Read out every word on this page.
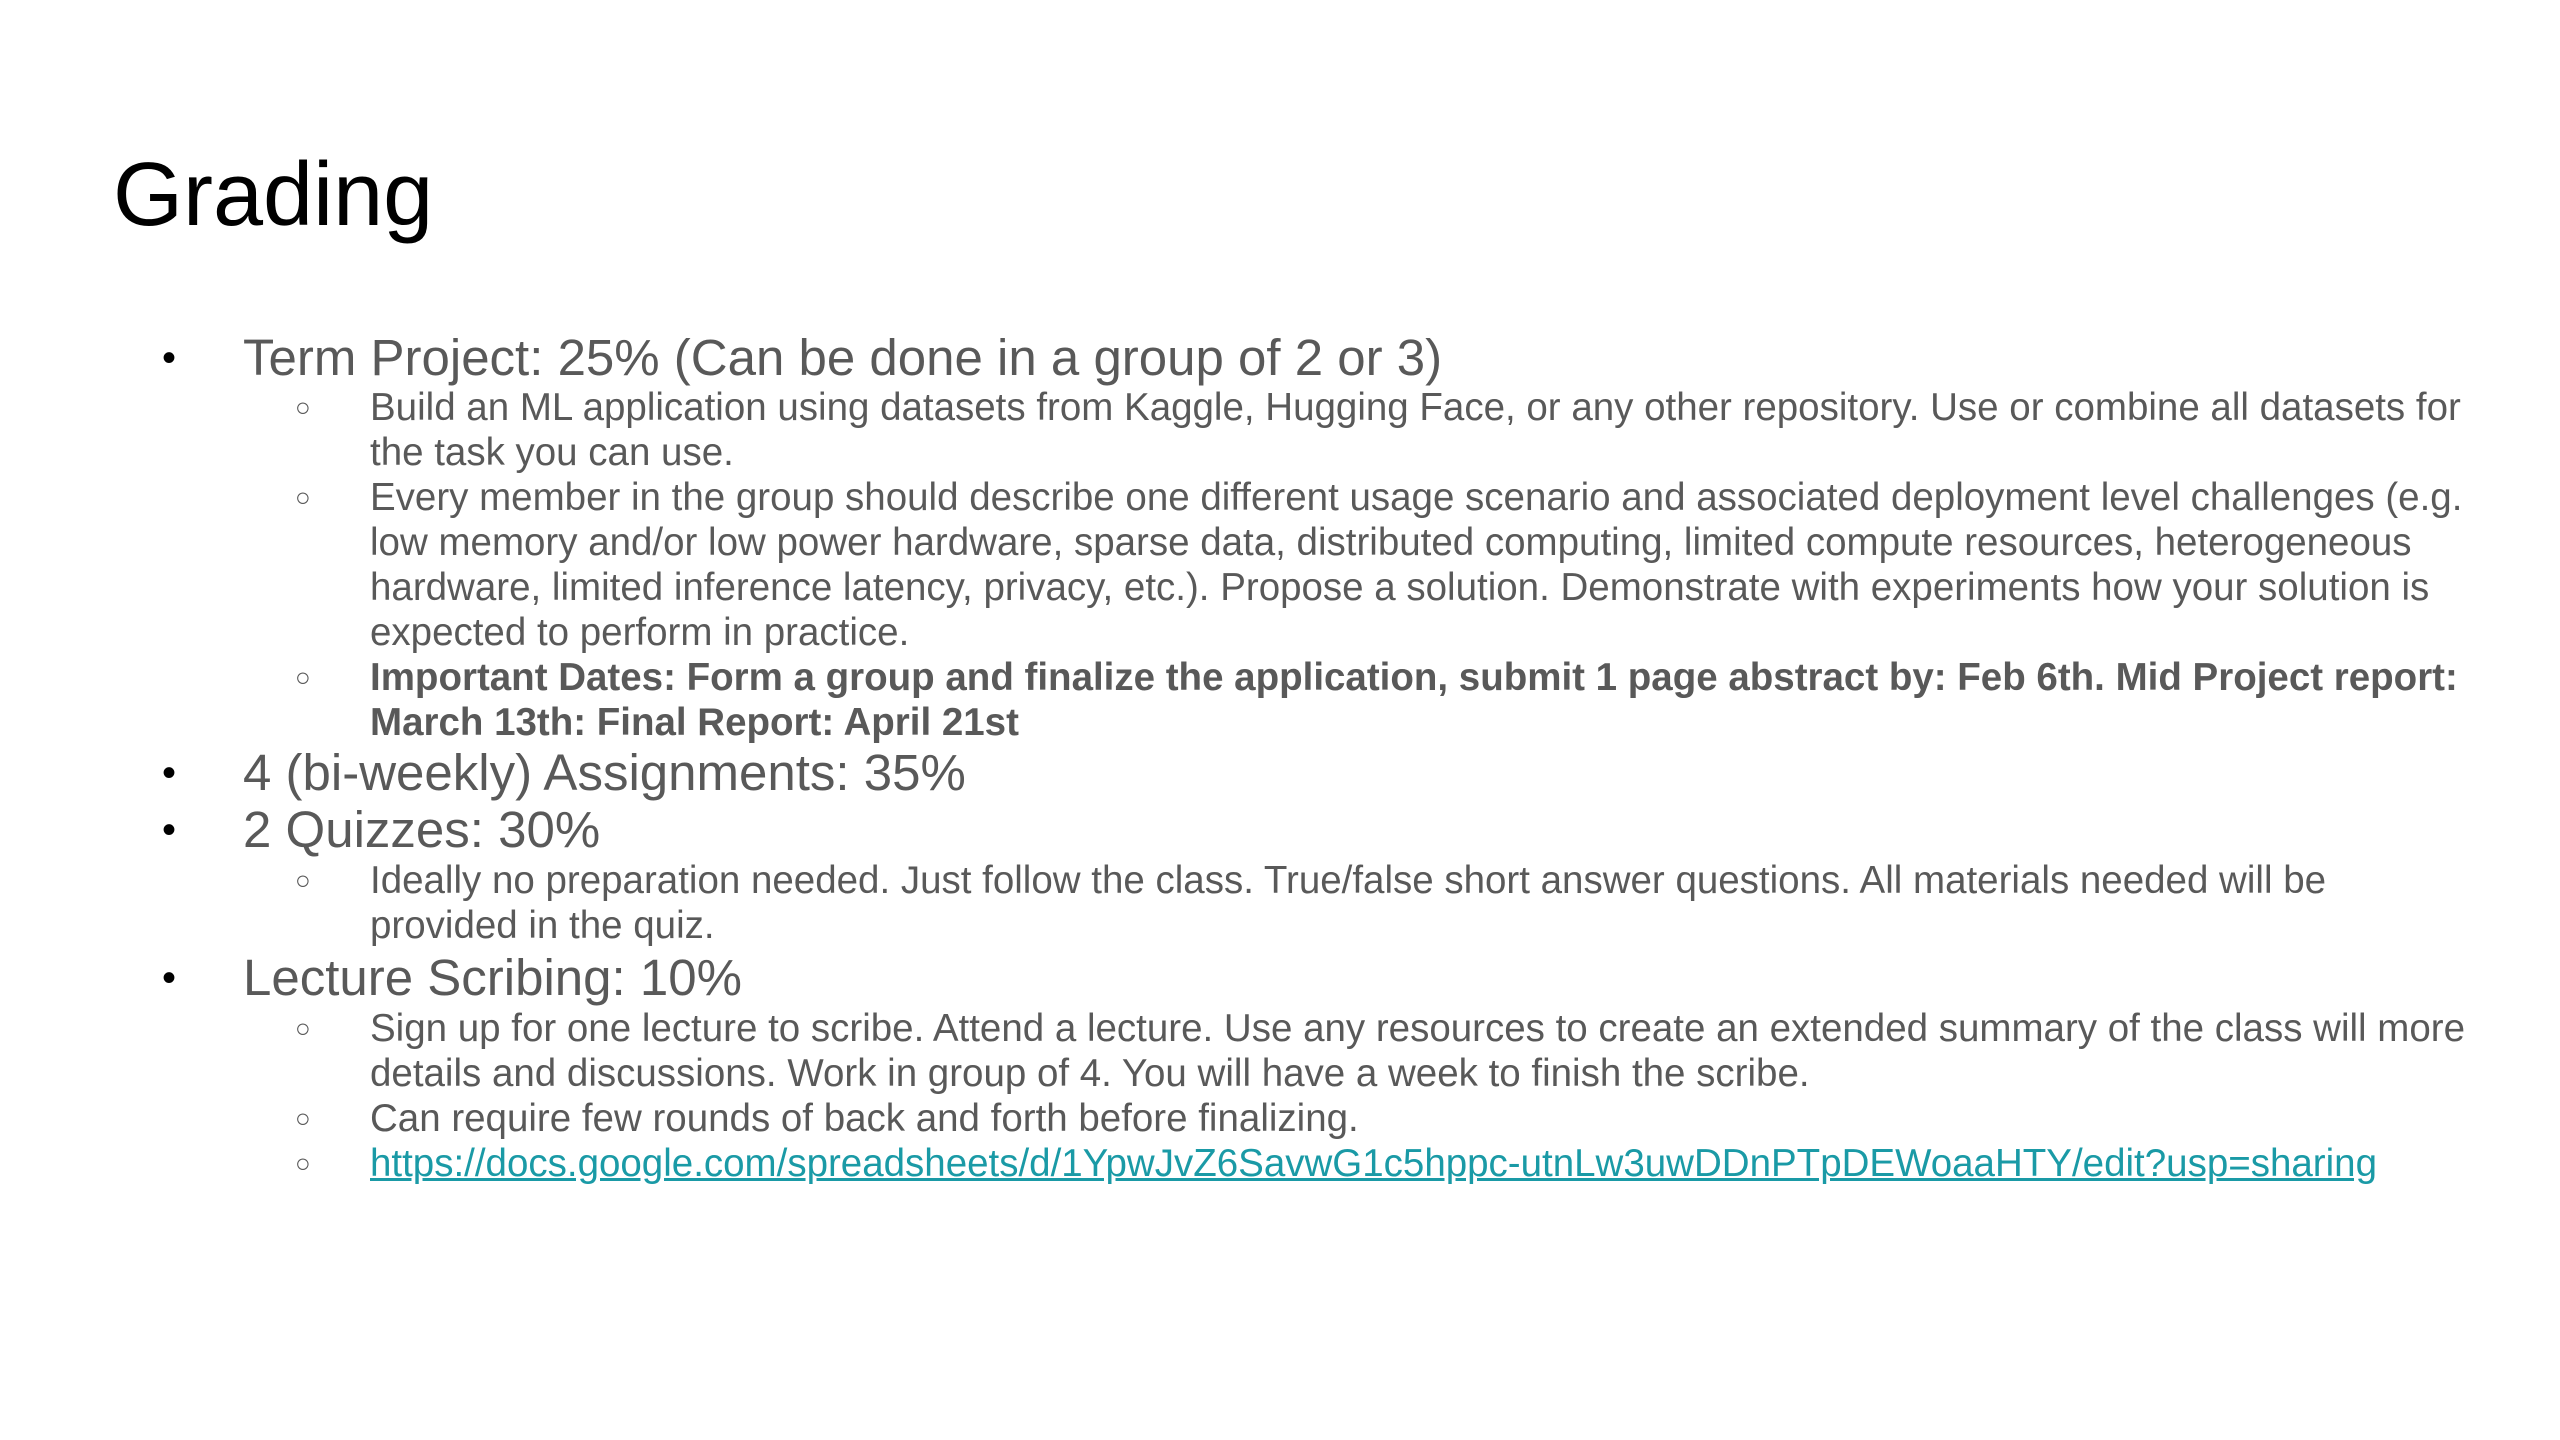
Grading
• Term Project: 25% (Can be done in a group of 2 or 3)
○ Build an ML application using datasets from Kaggle, Hugging Face, or any other repository. Use or combine all datasets for the task you can use.
○ Every member in the group should describe one different usage scenario and associated deployment level challenges (e.g. low memory and/or low power hardware, sparse data, distributed computing, limited compute resources, heterogeneous hardware, limited inference latency, privacy, etc.). Propose a solution. Demonstrate with experiments how your solution is expected to perform in practice.
○ Important Dates: Form a group and finalize the application, submit 1 page abstract by: Feb 6th. Mid Project report: March 13th: Final Report: April 21st
• 4 (bi-weekly) Assignments: 35%
• 2 Quizzes: 30%
○ Ideally no preparation needed. Just follow the class. True/false short answer questions. All materials needed will be provided in the quiz.
• Lecture Scribing: 10%
○ Sign up for one lecture to scribe. Attend a lecture. Use any resources to create an extended summary of the class will more details and discussions. Work in group of 4. You will have a week to finish the scribe.
○ Can require few rounds of back and forth before finalizing.
○ https://docs.google.com/spreadsheets/d/1YpwJvZ6SavwG1c5hppc-utnLw3uwDDnPTpDEWoaaHTY/edit?usp=sharing
